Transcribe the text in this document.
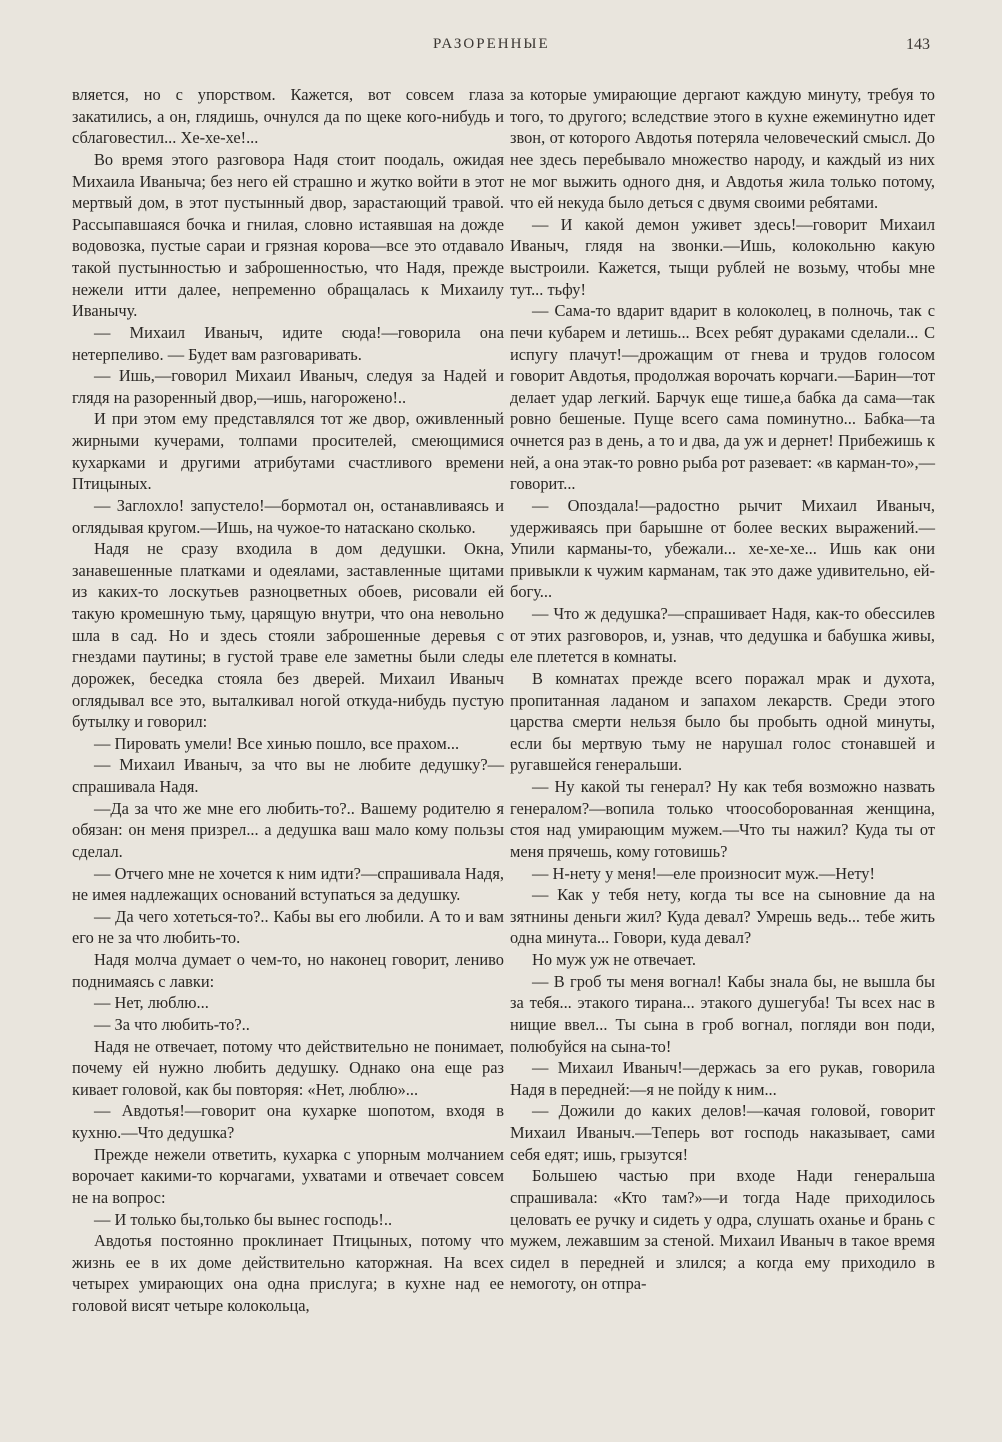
РАЗОРЕННЫЕ	143

вляется, но с упорством. Кажется, вот совсем глаза закатились, а он, глядишь, очнулся да по щеке кого-нибудь и сблаговестил... Хе-хе-хе!...

Во время этого разговора Надя стоит поодаль, ожидая Михаила Иваныча; без него ей страшно и жутко войти в этот мертвый дом, в этот пустынный двор, зарастающий травой. Рассыпавшаяся бочка и гнилая, словно истаявшая на дожде водовозка, пустые сараи и грязная корова—все это отдавало такой пустынностью и заброшенностью, что Надя, прежде нежели итти далее, непременно обращалась к Михаилу Иванычу.

— Михаил Иваныч, идите сюда!—говорила она нетерпеливо. — Будет вам разговаривать.

— Ишь,—говорил Михаил Иваныч, следуя за Надей и глядя на разоренный двор,—ишь, нагорожено!..

И при этом ему представлялся тот же двор, оживленный жирными кучерами, толпами просителей, смеющимися кухарками и другими атрибутами счастливого времени Птицыных.

— Заглохло! запустело!—бормотал он, останавливаясь и оглядывая кругом.—Ишь, на чужое-то натаскано сколько.

Надя не сразу входила в дом дедушки. Окна, занавешенные платками и одеялами, заставленные щитами из каких-то лоскутьев разноцветных обоев, рисовали ей такую кромешную тьму, царящую внутри, что она невольно шла в сад. Но и здесь стояли заброшенные деревья с гнездами паутины; в густой траве еле заметны были следы дорожек, беседка стояла без дверей. Михаил Иваныч оглядывал все это, выталкивал ногой откуда-нибудь пустую бутылку и говорил:

— Пировать умели! Все хинью пошло, все прахом...

— Михаил Иваныч, за что вы не любите дедушку?—спрашивала Надя.

—Да за что же мне его любить-то?.. Вашему родителю я обязан: он меня призрел... а дедушка ваш мало кому пользы сделал.

— Отчего мне не хочется к ним идти?—спрашивала Надя, не имея надлежащих оснований вступаться за дедушку.

— Да чего хотеться-то?.. Кабы вы его любили. А то и вам его не за что любить-то.

Надя молча думает о чем-то, но наконец говорит, лениво поднимаясь с лавки:

— Нет, люблю...

— За что любить-то?..

Надя не отвечает, потому что действительно не понимает, почему ей нужно любить дедушку. Однако она еще раз кивает головой, как бы повторяя: «Нет, люблю»...

— Авдотья!—говорит она кухарке шопотом, входя в кухню.—Что дедушка?

Прежде нежели ответить, кухарка с упорным молчанием ворочает какими-то корчагами, ухватами и отвечает совсем не на вопрос:

— И только бы,только бы вынес господь!..

Авдотья постоянно проклинает Птицыных, потому что жизнь ее в их доме действительно каторжная. На всех четырех умирающих она одна прислуга; в кухне над ее головой висят четыре колокольца,

за которые умирающие дергают каждую минуту, требуя то того, то другого; вследствие этого в кухне ежеминутно идет звон, от которого Авдотья потеряла человеческий смысл. До нее здесь перебывало множество народу, и каждый из них не мог выжить одного дня, и Авдотья жила только потому, что ей некуда было деться с двумя своими ребятами.

— И какой демон уживет здесь!—говорит Михаил Иваныч, глядя на звонки.—Ишь, колокольню какую выстроили. Кажется, тыщи рублей не возьму, чтобы мне тут... тьфу!

— Сама-то вдарит вдарит в колоколец, в полночь, так с печи кубарем и летишь... Всех ребят дураками сделали... С испугу плачут!—дрожащим от гнева и трудов голосом говорит Авдотья, продолжая ворочать корчаги.—Барин—тот делает удар легкий. Барчук еще тише,а бабка да сама—так ровно бешеные. Пуще всего сама поминутно... Бабка—та очнется раз в день, а то и два, да уж и дернет! Прибежишь к ней, а она этак-то ровно рыба рот разевает: «в карман-то»,—говорит...

— Опоздала!—радостно рычит Михаил Иваныч, удерживаясь при барышне от более веских выражений.—Упили карманы-то, убежали... хе-хе-хе... Ишь как они привыкли к чужим карманам, так это даже удивительно, ей-богу...

— Что ж дедушка?—спрашивает Надя, как-то обессилев от этих разговоров, и, узнав, что дедушка и бабушка живы, еле плетется в комнаты.

В комнатах прежде всего поражал мрак и духота, пропитанная ладаном и запахом лекарств. Среди этого царства смерти нельзя было бы пробыть одной минуты, если бы мертвую тьму не нарушал голос стонавшей и ругавшейся генеральши.

— Ну какой ты генерал? Ну как тебя возможно назвать генералом?—вопила только чтоособорованная женщина, стоя над умирающим мужем.—Что ты нажил? Куда ты от меня прячешь, кому готовишь?

— Н-нету у меня!—еле произносит муж.—Нету!

— Как у тебя нету, когда ты все на сыновние да на зятнины деньги жил? Куда девал? Умрешь ведь... тебе жить одна минута... Говори, куда девал?

Но муж уж не отвечает.

— В гроб ты меня вогнал! Кабы знала бы, не вышла бы за тебя... этакого тирана... этакого душегуба! Ты всех нас в нищие ввел... Ты сына в гроб вогнал, погляди вон поди, полюбуйся на сына-то!

— Михаил Иваныч!—держась за его рукав, говорила Надя в передней:—я не пойду к ним...

— Дожили до каких делов!—качая головой, говорит Михаил Иваныч.—Теперь вот господь наказывает, сами себя едят; ишь, грызутся!

Большею частью при входе Нади генеральша спрашивала: «Кто там?»—и тогда Наде приходилось целовать ее ручку и сидеть у одра, слушать оханье и брань с мужем, лежавшим за стеной. Михаил Иваныч в такое время сидел в передней и злился; а когда ему приходило в немоготу, он отпра-
